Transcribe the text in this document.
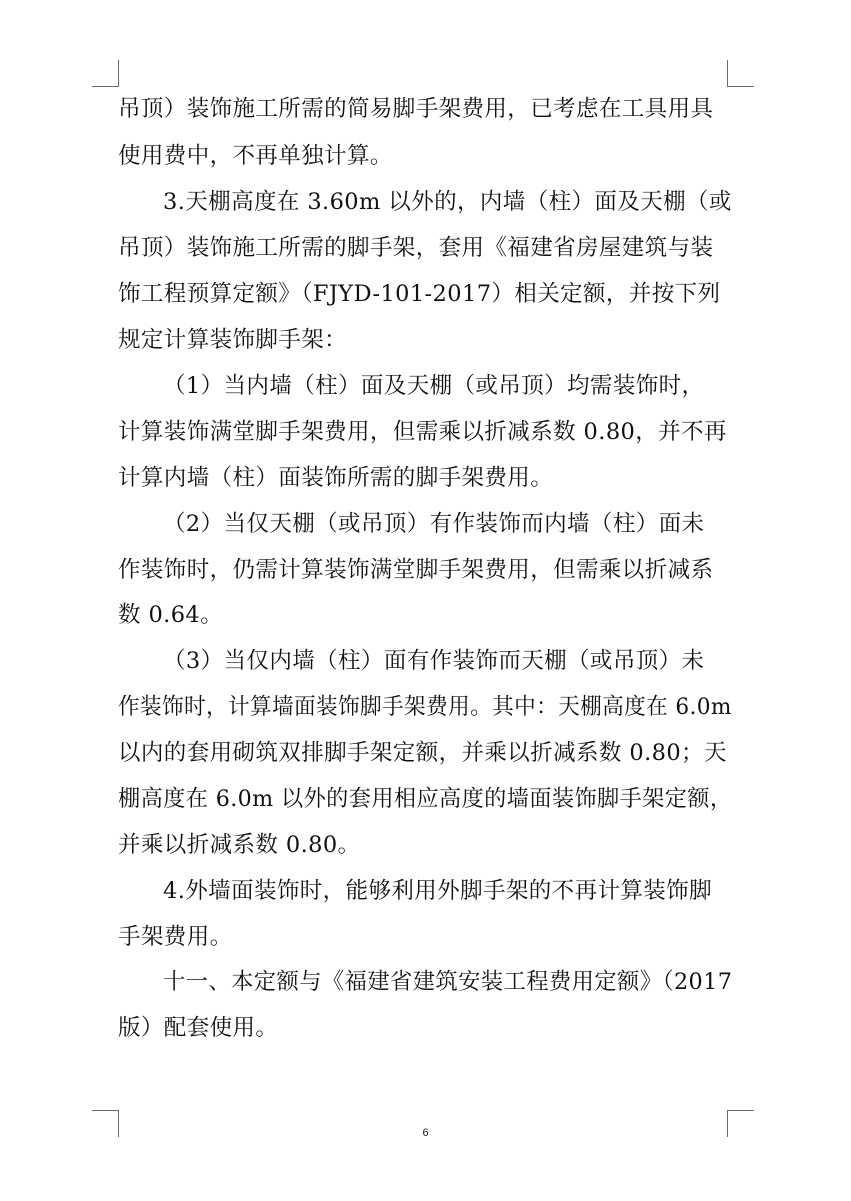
吊顶）装饰施工所需的简易脚手架费用，已考虑在工具用具
使用费中，不再单独计算。
3.天棚高度在 3.60m 以外的，内墙（柱）面及天棚（或
吊顶）装饰施工所需的脚手架，套用《福建省房屋建筑与装
饰工程预算定额》（FJYD-101-2017）相关定额，并按下列
规定计算装饰脚手架：
（1）当内墙（柱）面及天棚（或吊顶）均需装饰时，
计算装饰满堂脚手架费用，但需乘以折减系数 0.80，并不再
计算内墙（柱）面装饰所需的脚手架费用。
（2）当仅天棚（或吊顶）有作装饰而内墙（柱）面未
作装饰时，仍需计算装饰满堂脚手架费用，但需乘以折减系
数 0.64。
（3）当仅内墙（柱）面有作装饰而天棚（或吊顶）未
作装饰时，计算墙面装饰脚手架费用。其中：天棚高度在 6.0m
以内的套用砌筑双排脚手架定额，并乘以折减系数 0.80；天
棚高度在 6.0m 以外的套用相应高度的墙面装饰脚手架定额，
并乘以折减系数 0.80。
4.外墙面装饰时，能够利用外脚手架的不再计算装饰脚
手架费用。
十一、本定额与《福建省建筑安装工程费用定额》（2017
版）配套使用。
6
